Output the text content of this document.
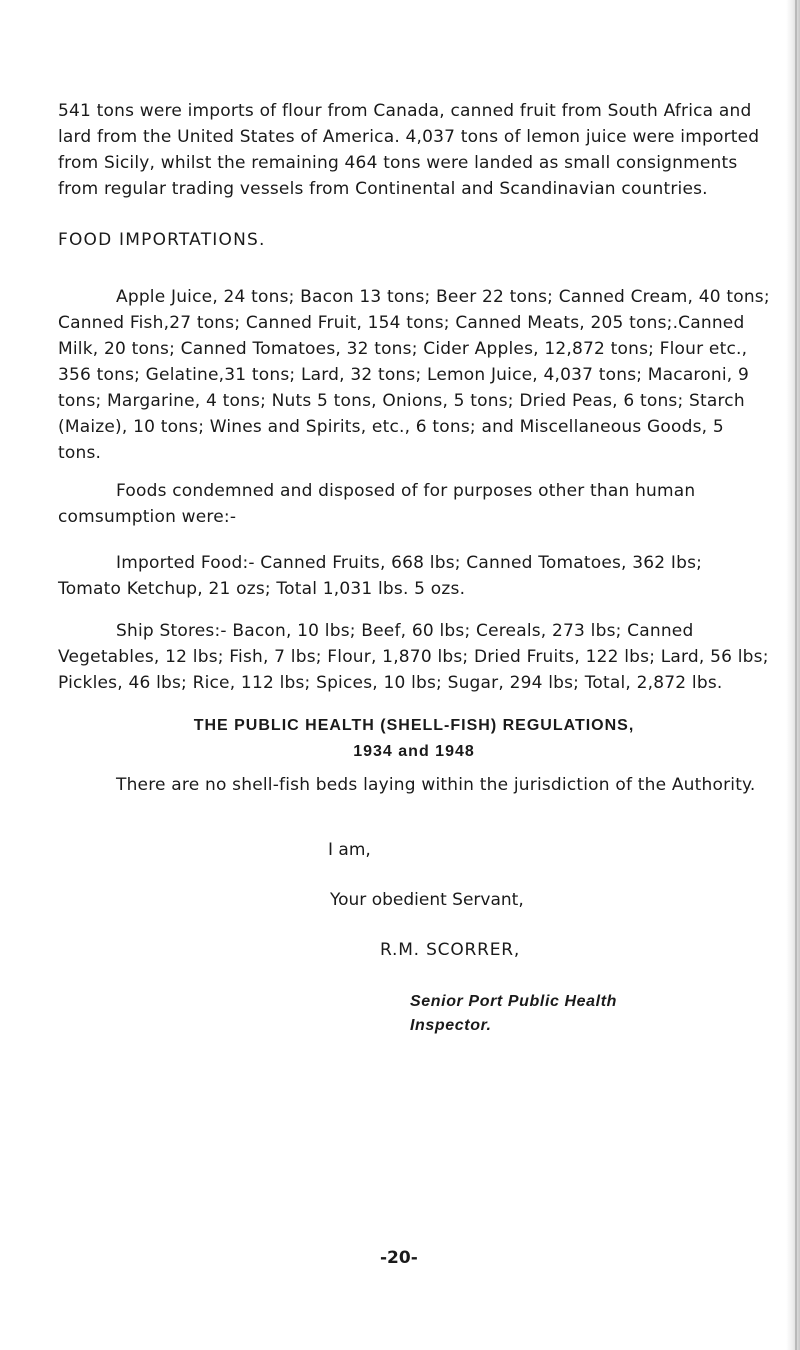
541 tons were imports of flour from Canada, canned fruit from South Africa and lard from the United States of America. 4,037 tons of lemon juice were imported from Sicily, whilst the remaining 464 tons were landed as small consignments from regular trading vessels from Continental and Scandinavian countries.
FOOD IMPORTATIONS.
Apple Juice, 24 tons; Bacon 13 tons; Beer 22 tons; Canned Cream, 40 tons; Canned Fish,27 tons; Canned Fruit, 154 tons; Canned Meats, 205 tons;.Canned Milk, 20 tons; Canned Tomatoes, 32 tons; Cider Apples, 12,872 tons; Flour etc., 356 tons; Gelatine,31 tons; Lard, 32 tons; Lemon Juice, 4,037 tons; Macaroni, 9 tons; Margarine, 4 tons; Nuts 5 tons, Onions, 5 tons; Dried Peas, 6 tons; Starch (Maize), 10 tons; Wines and Spirits, etc., 6 tons; and Miscellaneous Goods, 5 tons.
Foods condemned and disposed of for purposes other than human comsumption were:-
Imported Food:- Canned Fruits, 668 lbs; Canned Tomatoes, 362 Ibs; Tomato Ketchup, 21 ozs; Total 1,031 lbs. 5 ozs.
Ship Stores:- Bacon, 10 lbs; Beef, 60 lbs; Cereals, 273 lbs; Canned Vegetables, 12 lbs; Fish, 7 lbs; Flour, 1,870 lbs; Dried Fruits, 122 lbs; Lard, 56 lbs; Pickles, 46 lbs; Rice, 112 lbs; Spices, 10 lbs; Sugar, 294 lbs; Total, 2,872 lbs.
THE PUBLIC HEALTH (SHELL-FISH) REGULATIONS,
1934 and 1948
There are no shell-fish beds laying within the jurisdiction of the Authority.
I am,
Your obedient Servant,
R.M. SCORRER,
Senior Port Public Health
Inspector.
-20-
